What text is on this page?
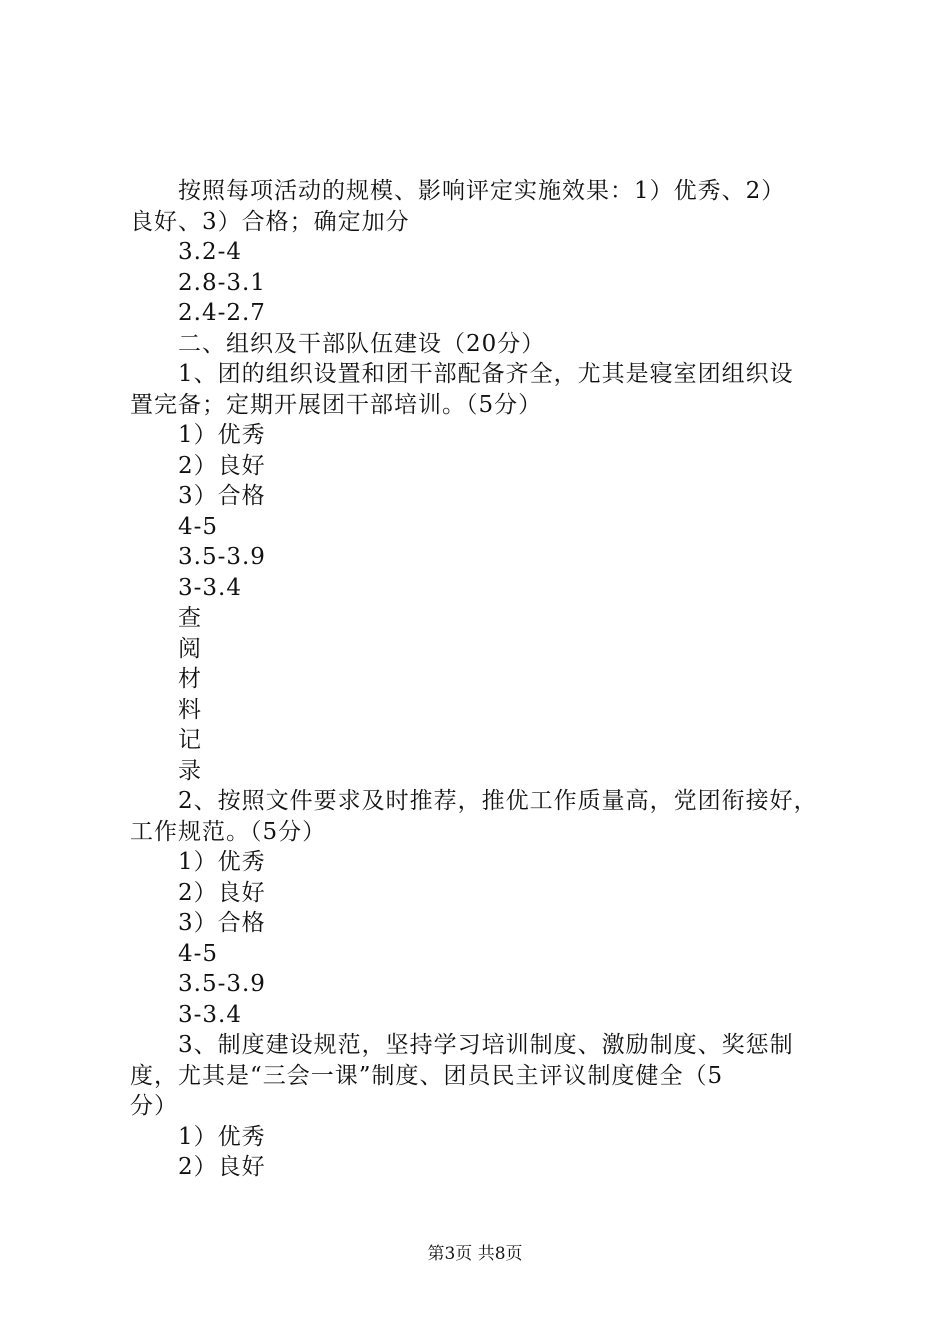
按照每项活动的规模、影响评定实施效果：1）优秀、2）
良好、3）合格；确定加分
3.2-4
2.8-3.1
2.4-2.7
二、组织及干部队伍建设（20分）
1、团的组织设置和团干部配备齐全，尤其是寝室团组织设
置完备；定期开展团干部培训。（5分）
1）优秀
2）良好
3）合格
4-5
3.5-3.9
3-3.4
查
阅
材
料
记
录
2、按照文件要求及时推荐，推优工作质量高，党团衔接好，
工作规范。（5分）
1）优秀
2）良好
3）合格
4-5
3.5-3.9
3-3.4
3、制度建设规范，坚持学习培训制度、激励制度、奖惩制
度，尤其是“三会一课”制度、团员民主评议制度健全（5
分）
1）优秀
2）良好
第3页 共8页
